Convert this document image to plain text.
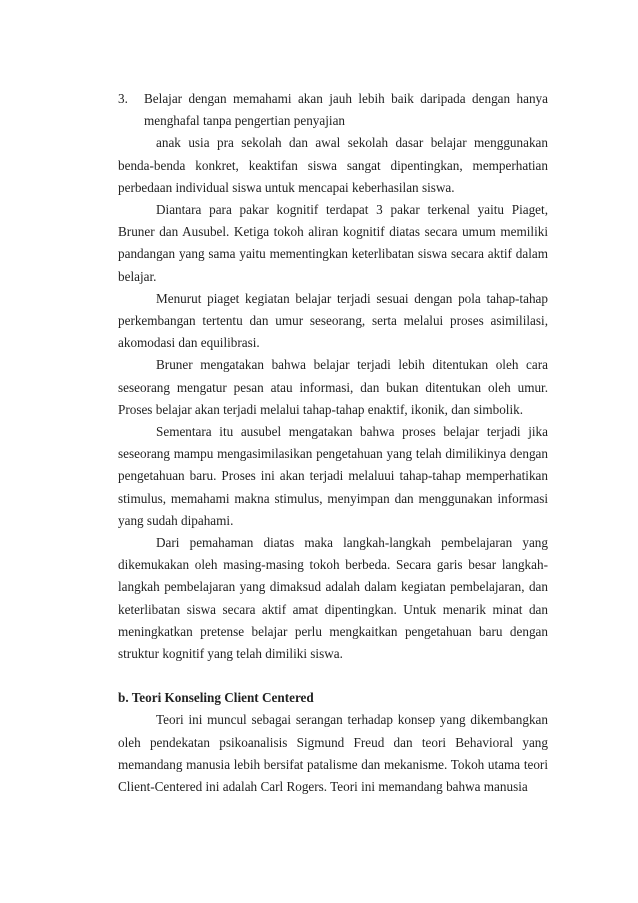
3. Belajar dengan memahami akan jauh lebih baik daripada dengan hanya menghafal tanpa pengertian penyajian

anak usia pra sekolah dan awal sekolah dasar belajar menggunakan benda-benda konkret, keaktifan siswa sangat dipentingkan, memperhatian perbedaan individual siswa untuk mencapai keberhasilan siswa.

Diantara para pakar kognitif terdapat 3 pakar terkenal yaitu Piaget, Bruner dan Ausubel. Ketiga tokoh aliran kognitif diatas secara umum memiliki pandangan yang sama yaitu mementingkan keterlibatan siswa secara aktif dalam belajar.

Menurut piaget kegiatan belajar terjadi sesuai dengan pola tahap-tahap perkembangan tertentu dan umur seseorang, serta melalui proses asimililasi, akomodasi dan equilibrasi.

Bruner mengatakan bahwa belajar terjadi lebih ditentukan oleh cara seseorang mengatur pesan atau informasi, dan bukan ditentukan oleh umur. Proses belajar akan terjadi melalui tahap-tahap enaktif, ikonik, dan simbolik.

Sementara itu ausubel mengatakan bahwa proses belajar terjadi jika seseorang mampu mengasimilasikan pengetahuan yang telah dimilikinya dengan pengetahuan baru. Proses ini akan terjadi melaluui tahap-tahap memperhatikan stimulus, memahami makna stimulus, menyimpan dan menggunakan informasi yang sudah dipahami.

Dari pemahaman diatas maka langkah-langkah pembelajaran yang dikemukakan oleh masing-masing tokoh berbeda. Secara garis besar langkah-langkah pembelajaran yang dimaksud adalah dalam kegiatan pembelajaran, dan keterlibatan siswa secara aktif amat dipentingkan. Untuk menarik minat dan meningkatkan pretense belajar perlu mengkaitkan pengetahuan baru dengan struktur kognitif yang telah dimiliki siswa.

b. Teori Konseling Client Centered

Teori ini muncul sebagai serangan terhadap konsep yang dikembangkan oleh pendekatan psikoanalisis Sigmund Freud dan teori Behavioral yang memandang manusia lebih bersifat patalisme dan mekanisme. Tokoh utama teori Client-Centered ini adalah Carl Rogers. Teori ini memandang bahwa manusia
